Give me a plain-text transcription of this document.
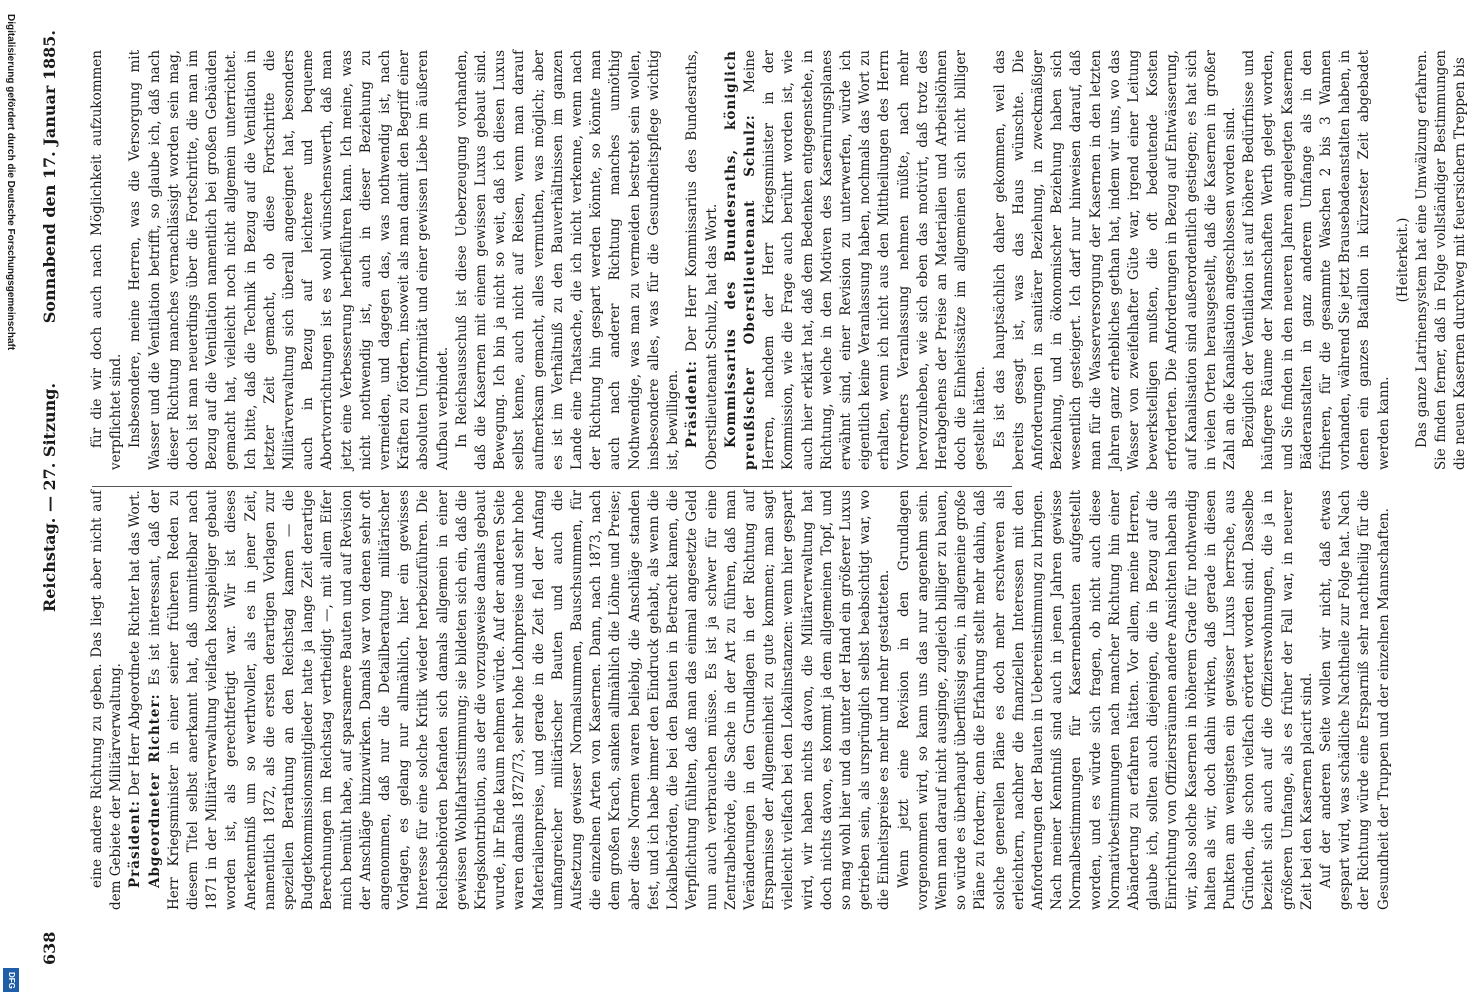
Digitalisierung gefördert durch die Deutsche Forschungsgemeinschaft
DFG
638
Reichstag. — 27. Sitzung.
Sonnabend den 17. Januar 1885.

eine andere Richtung zu geben. Das liegt aber nicht auf dem Gebiete der Militärverwaltung. Präsident: Der Herr Abgeordnete Richter hat das Wort. Abgeordneter Richter: Es ist interessant, daß der Herr Kriegsminister in einer seiner früheren Reden zu diesem Titel selbst anerkannt hat, daß unmittelbar nach 1871 in der Militärverwaltung vielfach kostspieliger gebaut worden ist, als gerechtfertigt war. Wir ist dieses Anerkenntniß um so werthvoller, als es in jener Zeit, namentlich 1872, als die ersten derartigen Vorlagen zur speziellen Berathung an den Reichstag kamen — die Budgetkommissionsmitglieder hatte ja lange Zeit derartige Berechnungen im Reichstag vertheidigt —, mit allem Eifer mich bemüht habe, auf sparsamere Bauten und auf Revision der Anschläge hinzuwirken. Damals war von denen sehr oft angenommen, daß nur die Detailberatung militärischer Vorlagen, es gelang nur allmählich, hier ein gewisses Interesse für eine solche Kritik wieder herbeizuführen. Die Reichsbehörden befanden sich damals allgemein in einer gewissen Wohlfahrtsstimmung; sie bildeten sich ein, daß die Kriegskontribution, aus der die vorzugsweise damals gebaut wurde, ihr Ende kaum nehmen würde. Auf der anderen Seite waren damals 1872/73, sehr hohe Lohnpreise und sehr hohe Materialienpreise, und gerade in die Zeit fiel der Anfang umfangreicher militärischer Bauten und auch die Aufsetzung gewisser Normalsummen, Bauschsummen, für die einzelnen Arten von Kasernen. Dann, nach 1873, nach dem großen Krach, sanken allmählich die Löhne und Preise; aber diese Normen waren beliebig, die Anschläge standen fest, und ich habe immer den Eindruck gehabt, als wenn die Lokalbehörden, die bei den Bauten in Betracht kamen, die Verpflichtung fühlten, daß man das einmal angesetzte Geld nun auch verbrauchen müsse. Es ist ja schwer für eine Zentralbehörde, die Sache in der Art zu führen, daß man Veränderungen in den Grundlagen in der Richtung auf Ersparnisse der Allgemeinheit zu gute kommen; man sagt vielleicht vielfach bei den Lokalinstanzen: wenn hier gespart wird, wir haben nichts davon, die Militärverwaltung hat doch nichts davon, es kommt ja dem allgemeinen Topf, und so mag wohl hier und da unter der Hand ein größerer Luxus getrieben sein, als ursprünglich selbst beabsichtigt war, wo die Einheitspreise es mehr und mehr gestatteten. Wenn jetzt eine Revision in den Grundlagen vorgenommen wird, so kann uns das nur angenehm sein. Wenn man darauf nicht ausginge, zugleich billiger zu bauen, so würde es überhaupt überflüssig sein, in allgemeine große Pläne zu fordern; denn die Erfahrung stellt mehr dahin, daß solche generellen Pläne es doch mehr erschweren als erleichtern, nachher die finanziellen Interessen mit den Anforderungen der Bauten in Uebereinstimmung zu bringen. Nach meiner Kenntniß sind auch in jenen Jahren gewisse Normalbestimmungen für Kasernenbauten aufgestellt worden, und es würde sich fragen, ob nicht auch diese Normativbestimmungen nach mancher Richtung hin einer Abänderung zu erfahren hätten. Vor allem, meine Herren, glaube ich, sollten auch diejenigen, die in Bezug auf die Einrichtung von Offiziersräumen andere Ansichten haben als wir, also solche Kasernen in höherem Grade für nothwendig halten als wir, doch dahin wirken, daß gerade in diesen Punkten am wenigsten ein gewisser Luxus herrsche, aus Gründen, die schon vielfach erörtert worden sind. Dasselbe bezieht sich auch auf die Offizierswohnungen, die ja in größeren Umfange, als es früher der Fall war, in neuerer Zeit bei den Kasernen placirt sind. Auf der anderen Seite wollen wir nicht, daß etwas gespart wird, was schädliche Nachtheile zur Folge hat. Nach der Richtung würde eine Ersparniß sehr nachtheilig für die Gesundheit der Truppen und der einzelnen Mannschaften.

für die wir doch auch nach Möglichkeit aufzukommen verpflichtet sind. Insbesondere, meine Herren, was die Versorgung mit Wasser und die Ventilation betrifft, so glaube ich, daß nach dieser Richtung manches vernachlässigt worden sein mag, doch ist man neuerdings über die Fortschritte, die man im Bezug auf die Ventilation namentlich bei großen Gebäuden gemacht hat, vielleicht noch nicht allgemein unterrichtet. Ich bitte, daß die Technik in Bezug auf die Ventilation in letzter Zeit gemacht, ob diese Fortschritte die Militärverwaltung sich überall angeeignet hat, besonders auch in Bezug auf leichtere und bequeme Abortvorrichtungen ist es wohl wünschenswerth, daß man jetzt eine Verbesserung herbeiführen kann. Ich meine, was nicht nothwendig ist, auch in dieser Beziehung zu vermeiden, und dagegen das, was nothwendig ist, nach Kräften zu fördern, insoweit als man damit den Begriff einer absoluten Uniformität und einer gewissen Liebe im äußeren Aufbau verbindet. In Reichsausschuß ist diese Ueberzeugung vorhanden, daß die Kasernen mit einem gewissen Luxus gebaut sind. Bewegung. Ich bin ja nicht so weit, daß ich diesen Luxus selbst kenne, auch nicht auf Reisen, wenn man darauf aufmerksam gemacht, alles vermuthen, was möglich; aber es ist im Verhältniß zu den Bauverhältnissen im ganzen Lande eine Thatsache, die ich nicht verkenne, wenn nach der Richtung hin gespart werden könnte, so könnte man auch nach anderer Richtung manches unnöthig Nothwendige, was man zu vermeiden bestrebt sein wollen, insbesondere alles, was für die Gesundheitspflege wichtig ist, bewilligen. Präsident: Der Herr Kommissarius des Bundesraths, Oberstlieutenant Schulz, hat das Wort. Kommissarius des Bundesraths, königlich preußischer Oberstlieutenant Schulz: Meine Herren, nachdem der Herr Kriegsminister in der Kommission, wie die Frage auch berührt worden ist, wie auch hier erklärt hat, daß dem Bedenken entgegenstehe, in Richtung, welche in den Motiven des Kasernirungsplanes erwähnt sind, einer Revision zu unterwerfen, würde ich eigentlich keine Veranlassung haben, nochmals das Wort zu erhalten, wenn ich nicht aus den Mittheilungen des Herrn Vorredners Veranlassung nehmen müßte, nach mehr hervorzuheben, wie sich eben das motivirt, daß trotz des Herabgehens der Preise an Materialien und Arbeitslöhnen doch die Einheitssätze im allgemeinen sich nicht billiger gestellt hätten. Es ist das hauptsächlich daher gekommen, weil das bereits gesagt ist, was das Haus wünschte. Die Anforderungen in sanitärer Beziehung, in zweckmäßiger Beziehung, und in ökonomischer Beziehung haben sich wesentlich gesteigert. Ich darf nur hinweisen darauf, daß man für die Wasserversorgung der Kasernen in den letzten Jahren ganz erhebliches gethan hat, indem wir uns, wo das Wasser von zweifelhafter Güte war, irgend einer Leitung bewerkstelligen mußten, die oft bedeutende Kosten erforderten. Die Anforderungen in Bezug auf Entwässerung, auf Kanalisation sind außerordentlich gestiegen; es hat sich in vielen Orten herausgestellt, daß die Kasernen in großer Zahl an die Kanalisation angeschlossen worden sind. Bezüglich der Ventilation ist auf höhere Bedürfnisse und häufigere Räume der Mannschaften Werth gelegt worden, und Sie finden in den neueren Jahren angelegten Kasernen Bäderanstalten in ganz anderem Umfange als in den früheren, für die gesammte Waschen 2 bis 3 Wannen vorhanden, während Sie jetzt Brausebadeanstalten haben, in denen ein ganzes Bataillon in kürzester Zeit abgebadet werden kann.

(Heiterkeit.) Das ganze Latrinensystem hat eine Umwälzung erfahren. Sie finden ferner, daß in Folge vollständiger Bestimmungen die neuen Kasernen durchweg mit feuersichern Treppen bis
